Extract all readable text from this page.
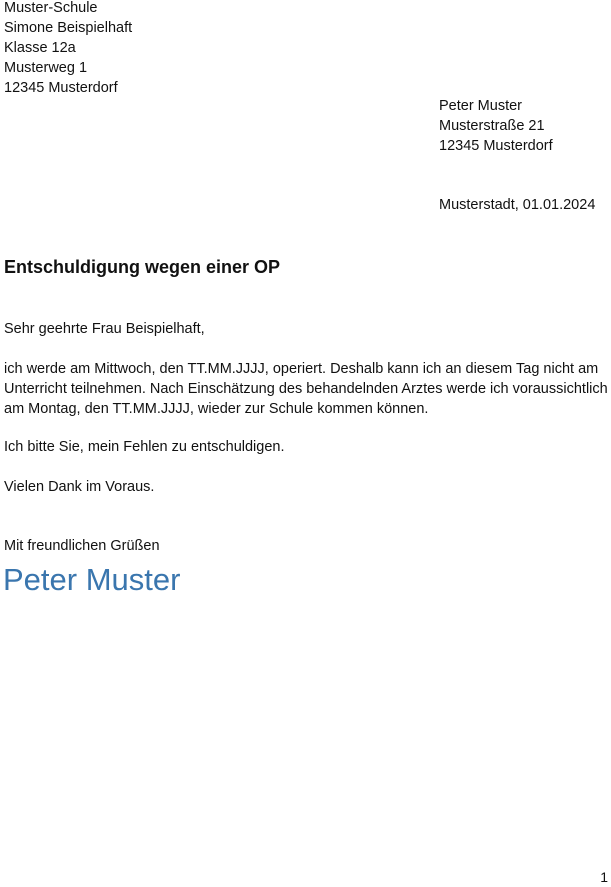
Muster-Schule
Simone Beispielhaft
Klasse 12a
Musterweg 1
12345 Musterdorf
Peter Muster
Musterstraße 21
12345 Musterdorf
Musterstadt, 01.01.2024
Entschuldigung wegen einer OP
Sehr geehrte Frau Beispielhaft,
ich werde am Mittwoch, den TT.MM.JJJJ, operiert. Deshalb kann ich an diesem Tag nicht am Unterricht teilnehmen. Nach Einschätzung des behandelnden Arztes werde ich voraussichtlich am Montag, den TT.MM.JJJJ, wieder zur Schule kommen können.
Ich bitte Sie, mein Fehlen zu entschuldigen.
Vielen Dank im Voraus.
Mit freundlichen Grüßen
Peter Muster
1
